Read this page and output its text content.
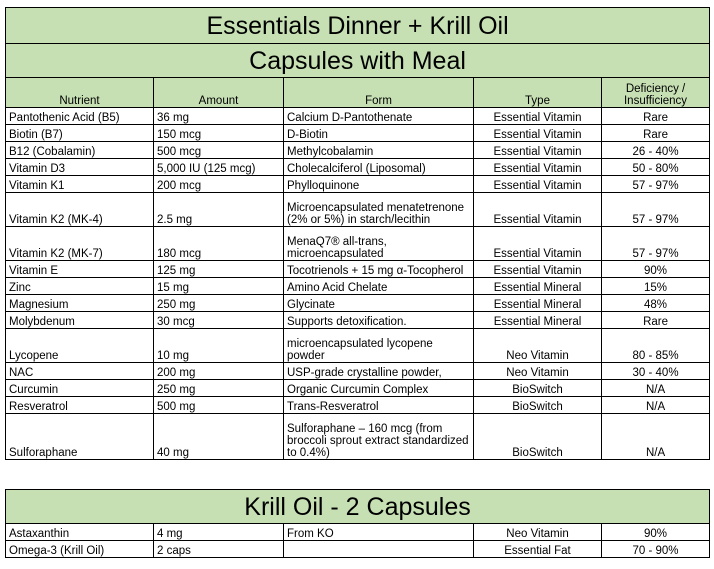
Essentials Dinner + Krill Oil				
Capsules with Meal				
Nutrient	Amount	Form	Type	Deficiency / Insufficiency
Pantothenic Acid (B5)	36 mg	Calcium D-Pantothenate	Essential Vitamin	Rare
Biotin (B7)	150 mcg	D-Biotin	Essential Vitamin	Rare
B12 (Cobalamin)	500 mcg	Methylcobalamin	Essential Vitamin	26 - 40%
Vitamin D3	5,000 IU (125 mcg)	Cholecalciferol (Liposomal)	Essential Vitamin	50 - 80%
Vitamin K1	200 mcg	Phylloquinone	Essential Vitamin	57 - 97%
Vitamin K2 (MK-4)	2.5 mg	Microencapsulated menatetrenone (2% or 5%) in starch/lecithin	Essential Vitamin	57 - 97%
Vitamin K2 (MK-7)	180 mcg	MenaQ7® all-trans, microencapsulated	Essential Vitamin	57 - 97%
Vitamin E	125 mg	Tocotrienols + 15 mg α-Tocopherol	Essential Vitamin	90%
Zinc	15 mg	Amino Acid Chelate	Essential Mineral	15%
Magnesium	250 mg	Glycinate	Essential Mineral	48%
Molybdenum	30 mcg	Supports detoxification.	Essential Mineral	Rare
Lycopene	10 mg	microencapsulated lycopene powder	Neo Vitamin	80 - 85%
NAC	200 mg	USP-grade crystalline powder,	Neo Vitamin	30 - 40%
Curcumin	250 mg	Organic Curcumin Complex	BioSwitch	N/A
Resveratrol	500 mg	Trans-Resveratrol	BioSwitch	N/A
Sulforaphane	40 mg	Sulforaphane – 160 mcg (from broccoli sprout extract standardized to 0.4%)	BioSwitch	N/A
Krill Oil - 2 Capsules				
Astaxanthin	4 mg	From KO	Neo Vitamin	90%
Omega-3 (Krill Oil)	2 caps		Essential Fat	70 - 90%
